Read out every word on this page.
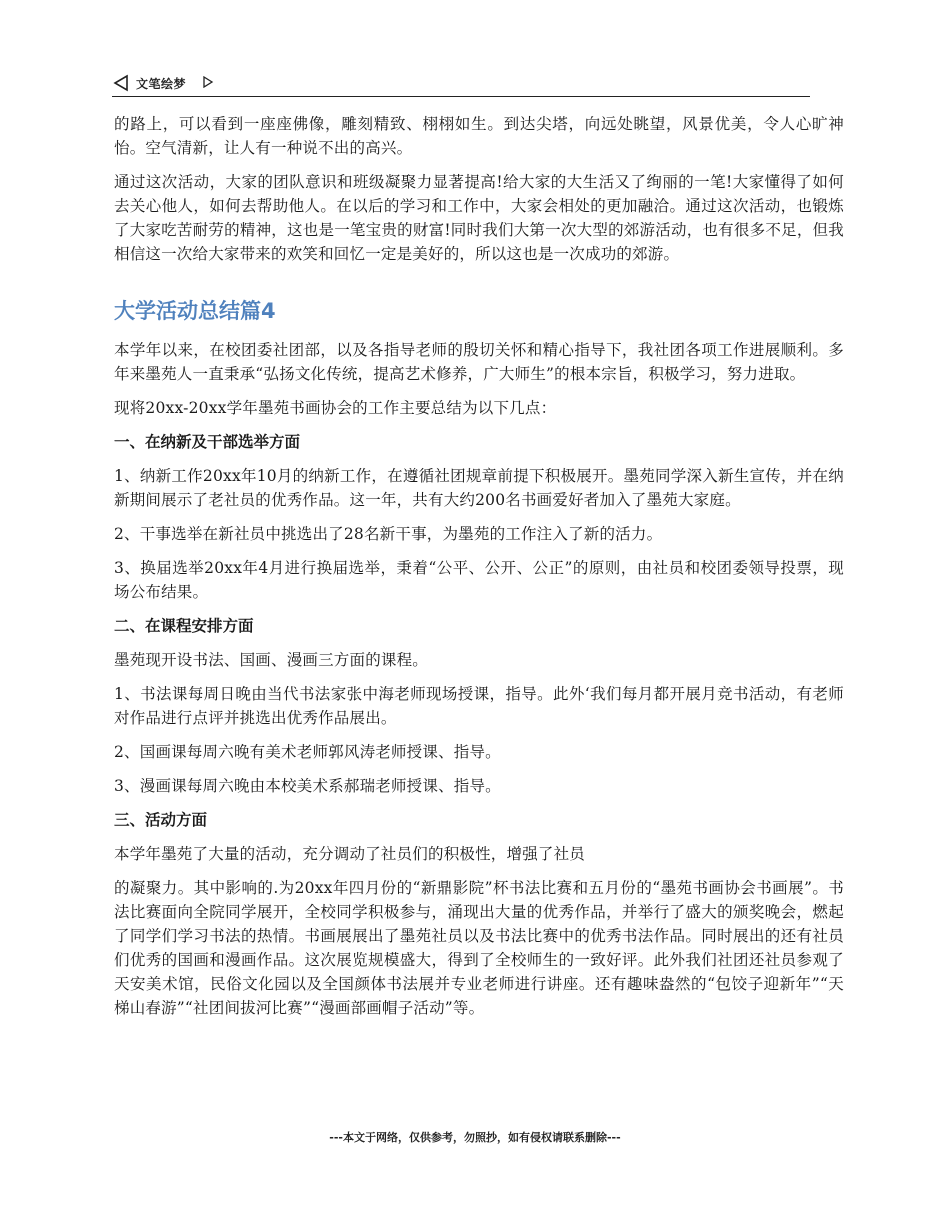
文笔绘梦

的路上，可以看到一座座佛像，雕刻精致、栩栩如生。到达尖塔，向远处眺望，风景优美，令人心旷神怡。空气清新，让人有一种说不出的高兴。

通过这次活动，大家的团队意识和班级凝聚力显著提高!给大家的大生活又了绚丽的一笔!大家懂得了如何去关心他人，如何去帮助他人。在以后的学习和工作中，大家会相处的更加融洽。通过这次活动，也锻炼了大家吃苦耐劳的精神，这也是一笔宝贵的财富!同时我们大第一次大型的郊游活动，也有很多不足，但我相信这一次给大家带来的欢笑和回忆一定是美好的，所以这也是一次成功的郊游。

大学活动总结篇4

本学年以来，在校团委社团部，以及各指导老师的殷切关怀和精心指导下，我社团各项工作进展顺利。多年来墨苑人一直秉承“弘扬文化传统，提高艺术修养，广大师生”的根本宗旨，积极学习，努力进取。

现将20xx-20xx学年墨苑书画协会的工作主要总结为以下几点：

一、在纳新及干部选举方面

1、纳新工作20xx年10月的纳新工作，在遵循社团规章前提下积极展开。墨苑同学深入新生宣传，并在纳新期间展示了老社员的优秀作品。这一年，共有大约200名书画爱好者加入了墨苑大家庭。

2、干事选举在新社员中挑选出了28名新干事，为墨苑的工作注入了新的活力。

3、换届选举20xx年4月进行换届选举，秉着“公平、公开、公正”的原则，由社员和校团委领导投票，现场公布结果。

二、在课程安排方面

墨苑现开设书法、国画、漫画三方面的课程。

1、书法课每周日晚由当代书法家张中海老师现场授课，指导。此外‘我们每月都开展月竞书活动，有老师对作品进行点评并挑选出优秀作品展出。

2、国画课每周六晚有美术老师郭风涛老师授课、指导。

3、漫画课每周六晚由本校美术系郝瑞老师授课、指导。

三、活动方面

本学年墨苑了大量的活动，充分调动了社员们的积极性，增强了社员

的凝聚力。其中影响的.为20xx年四月份的“新鼎影院”杯书法比赛和五月份的“墨苑书画协会书画展”。书法比赛面向全院同学展开，全校同学积极参与，涌现出大量的优秀作品，并举行了盛大的颁奖晚会，燃起了同学们学习书法的热情。书画展展出了墨苑社员以及书法比赛中的优秀书法作品。同时展出的还有社员们优秀的国画和漫画作品。这次展览规模盛大，得到了全校师生的一致好评。此外我们社团还社员参观了天安美术馆，民俗文化园以及全国颜体书法展并专业老师进行讲座。还有趣味盎然的“包饺子迎新年”“天梯山春游”“社团间拔河比赛”“漫画部画帽子活动”等。

---本文于网络，仅供参考，勿照抄，如有侵权请联系删除---
